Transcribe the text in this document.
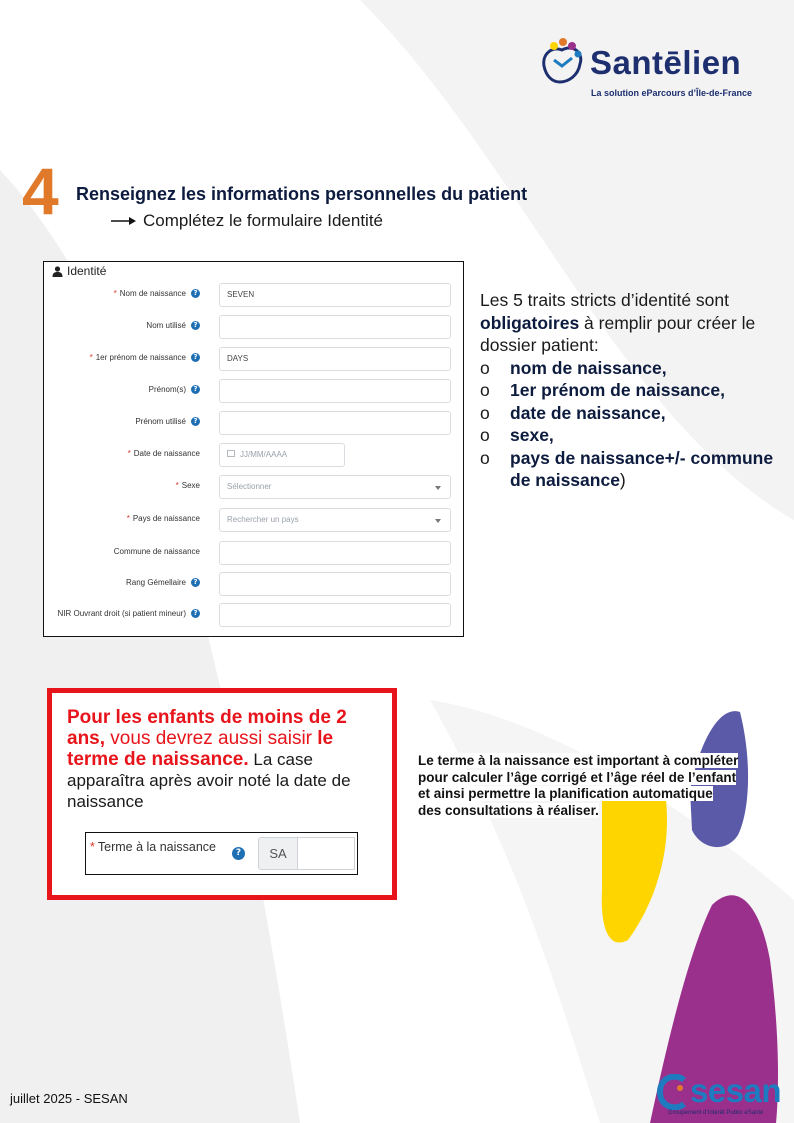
Santēlien
La solution eParcours d’Île-de-France
4 Renseignez les informations personnelles du patient
Complétez le formulaire Identité
Identité
* Nom de naissance	?	SEVEN
Nom utilisé	?
* 1er prénom de naissance	?	DAYS
Prénom(s)	?
Prénom utilisé	?
* Date de naissance	JJ/MM/AAAA
* Sexe	Sélectionner
* Pays de naissance	Rechercher un pays
Commune de naissance
Rang Gémellaire	?
NIR Ouvrant droit (si patient mineur)	?
Les 5 traits stricts d’identité sont
obligatoires à remplir pour créer le dossier patient:
o nom de naissance,
o 1er prénom de naissance,
o date de naissance,
o sexe,
o pays de naissance+/- commune de naissance)
Pour les enfants de moins de 2 ans, vous devrez aussi saisir le terme de naissance. La case apparaîtra après avoir noté la date de naissance
* Terme à la naissance	?	SA
Le terme à la naissance est important à compléter
pour calculer l’âge corrigé et l’âge réel de l’enfant
et ainsi permettre la planification automatique
des consultations à réaliser.
juillet 2025 - SESAN	sesan
Groupement d’Intérêt Public eSanté
